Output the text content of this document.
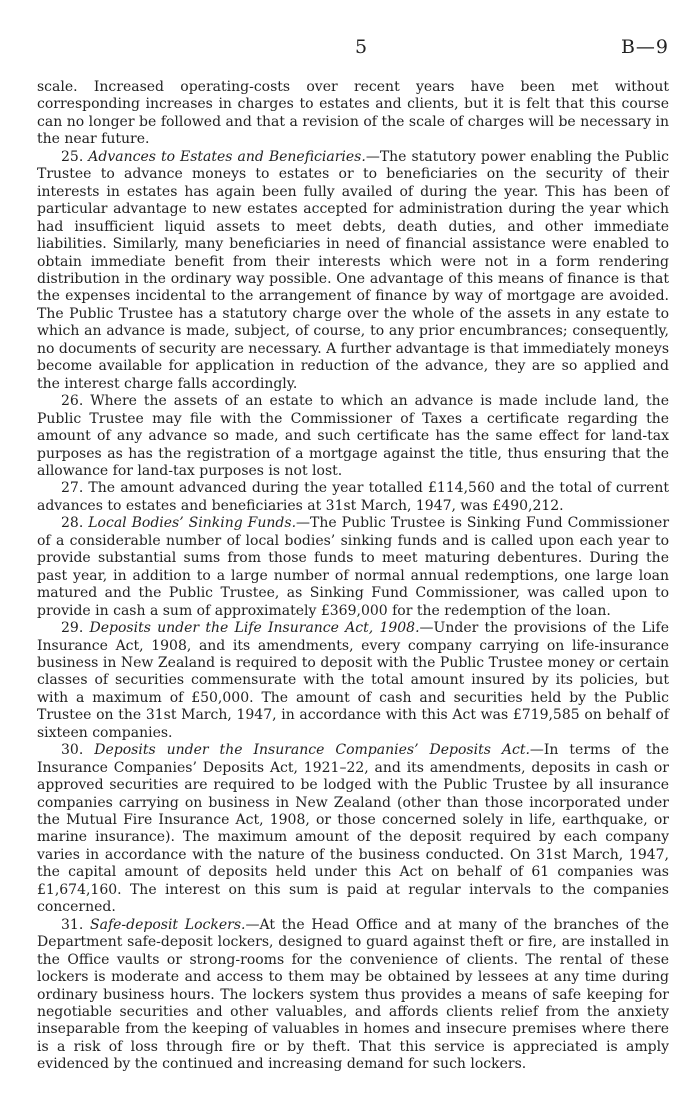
5	B—9

scale. Increased operating-costs over recent years have been met without corresponding increases in charges to estates and clients, but it is felt that this course can no longer be followed and that a revision of the scale of charges will be necessary in the near future.

25. Advances to Estates and Beneficiaries.—The statutory power enabling the Public Trustee to advance moneys to estates or to beneficiaries on the security of their interests in estates has again been fully availed of during the year. This has been of particular advantage to new estates accepted for administration during the year which had insufficient liquid assets to meet debts, death duties, and other immediate liabilities. Similarly, many beneficiaries in need of financial assistance were enabled to obtain immediate benefit from their interests which were not in a form rendering distribution in the ordinary way possible. One advantage of this means of finance is that the expenses incidental to the arrangement of finance by way of mortgage are avoided. The Public Trustee has a statutory charge over the whole of the assets in any estate to which an advance is made, subject, of course, to any prior encumbrances; consequently, no documents of security are necessary. A further advantage is that immediately moneys become available for application in reduction of the advance, they are so applied and the interest charge falls accordingly.

26. Where the assets of an estate to which an advance is made include land, the Public Trustee may file with the Commissioner of Taxes a certificate regarding the amount of any advance so made, and such certificate has the same effect for land-tax purposes as has the registration of a mortgage against the title, thus ensuring that the allowance for land-tax purposes is not lost.

27. The amount advanced during the year totalled £114,560 and the total of current advances to estates and beneficiaries at 31st March, 1947, was £490,212.

28. Local Bodies’ Sinking Funds.—The Public Trustee is Sinking Fund Commissioner of a considerable number of local bodies’ sinking funds and is called upon each year to provide substantial sums from those funds to meet maturing debentures. During the past year, in addition to a large number of normal annual redemptions, one large loan matured and the Public Trustee, as Sinking Fund Commissioner, was called upon to provide in cash a sum of approximately £369,000 for the redemption of the loan.

29. Deposits under the Life Insurance Act, 1908.—Under the provisions of the Life Insurance Act, 1908, and its amendments, every company carrying on life-insurance business in New Zealand is required to deposit with the Public Trustee money or certain classes of securities commensurate with the total amount insured by its policies, but with a maximum of £50,000. The amount of cash and securities held by the Public Trustee on the 31st March, 1947, in accordance with this Act was £719,585 on behalf of sixteen companies.

30. Deposits under the Insurance Companies’ Deposits Act.—In terms of the Insurance Companies’ Deposits Act, 1921–22, and its amendments, deposits in cash or approved securities are required to be lodged with the Public Trustee by all insurance companies carrying on business in New Zealand (other than those incorporated under the Mutual Fire Insurance Act, 1908, or those concerned solely in life, earthquake, or marine insurance). The maximum amount of the deposit required by each company varies in accordance with the nature of the business conducted. On 31st March, 1947, the capital amount of deposits held under this Act on behalf of 61 companies was £1,674,160. The interest on this sum is paid at regular intervals to the companies concerned.

31. Safe-deposit Lockers.—At the Head Office and at many of the branches of the Department safe-deposit lockers, designed to guard against theft or fire, are installed in the Office vaults or strong-rooms for the convenience of clients. The rental of these lockers is moderate and access to them may be obtained by lessees at any time during ordinary business hours. The lockers system thus provides a means of safe keeping for negotiable securities and other valuables, and affords clients relief from the anxiety inseparable from the keeping of valuables in homes and insecure premises where there is a risk of loss through fire or by theft. That this service is appreciated is amply evidenced by the continued and increasing demand for such lockers.
